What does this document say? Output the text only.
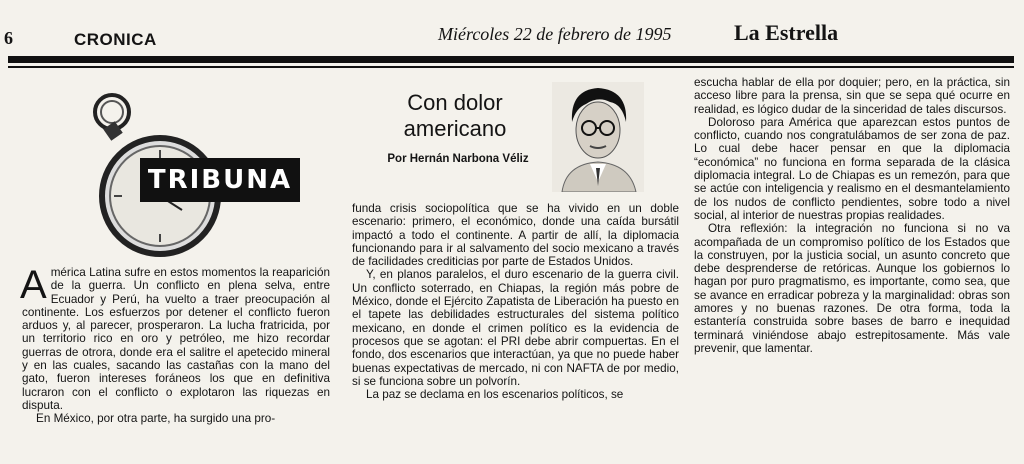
6	CRONICA	Miércoles 22 de febrero de 1995	La Estrella
TRIBUNA
Con dolor americano
Por Hernán Narbona Véliz

América Latina sufre en estos momentos la reaparición de la guerra. Un conflicto en plena selva, entre Ecuador y Perú, ha vuelto a traer preocupación al continente. Los esfuerzos por detener el conflicto fueron arduos y, al parecer, prosperaron. La lucha fratricida, por un territorio rico en oro y petróleo, me hizo recordar guerras de otrora, donde era el salitre el apetecido mineral y en las cuales, sacando las castañas con la mano del gato, fueron intereses foráneos los que en definitiva lucraron con el conflicto o explotaron las riquezas en disputa.

En México, por otra parte, ha surgido una pro-

funda crisis sociopolítica que se ha vivido en un doble escenario: primero, el económico, donde una caída bursátil impactó a todo el continente. A partir de allí, la diplomacia funcionando para ir al salvamento del socio mexicano a través de facilidades crediticias por parte de Estados Unidos.

Y, en planos paralelos, el duro escenario de la guerra civil. Un conflicto soterrado, en Chiapas, la región más pobre de México, donde el Ejército Zapatista de Liberación ha puesto en el tapete las debilidades estructurales del sistema político mexicano, en donde el crimen político es la evidencia de procesos que se agotan: el PRI debe abrir compuertas. En el fondo, dos escenarios que interactúan, ya que no puede haber buenas expectativas de mercado, ni con NAFTA de por medio, si se funciona sobre un polvorín.

La paz se declama en los escenarios políticos, se

escucha hablar de ella por doquier; pero, en la práctica, sin acceso libre para la prensa, sin que se sepa qué ocurre en realidad, es lógico dudar de la sinceridad de tales discursos.

Doloroso para América que aparezcan estos puntos de conflicto, cuando nos congratulábamos de ser zona de paz. Lo cual debe hacer pensar en que la diplomacia “económica” no funciona en forma separada de la clásica diplomacia integral. Lo de Chiapas es un remezón, para que se actúe con inteligencia y realismo en el desmantelamiento de los nudos de conflicto pendientes, sobre todo a nivel social, al interior de nuestras propias realidades.

Otra reflexión: la integración no funciona si no va acompañada de un compromiso político de los Estados que la construyen, por la justicia social, un asunto concreto que debe desprenderse de retóricas. Aunque los gobiernos lo hagan por puro pragmatismo, es importante, como sea, que se avance en erradicar pobreza y la marginalidad: obras son amores y no buenas razones. De otra forma, toda la estantería construida sobre bases de barro e inequidad terminará viniéndose abajo estrepitosamente. Más vale prevenir, que lamentar.
